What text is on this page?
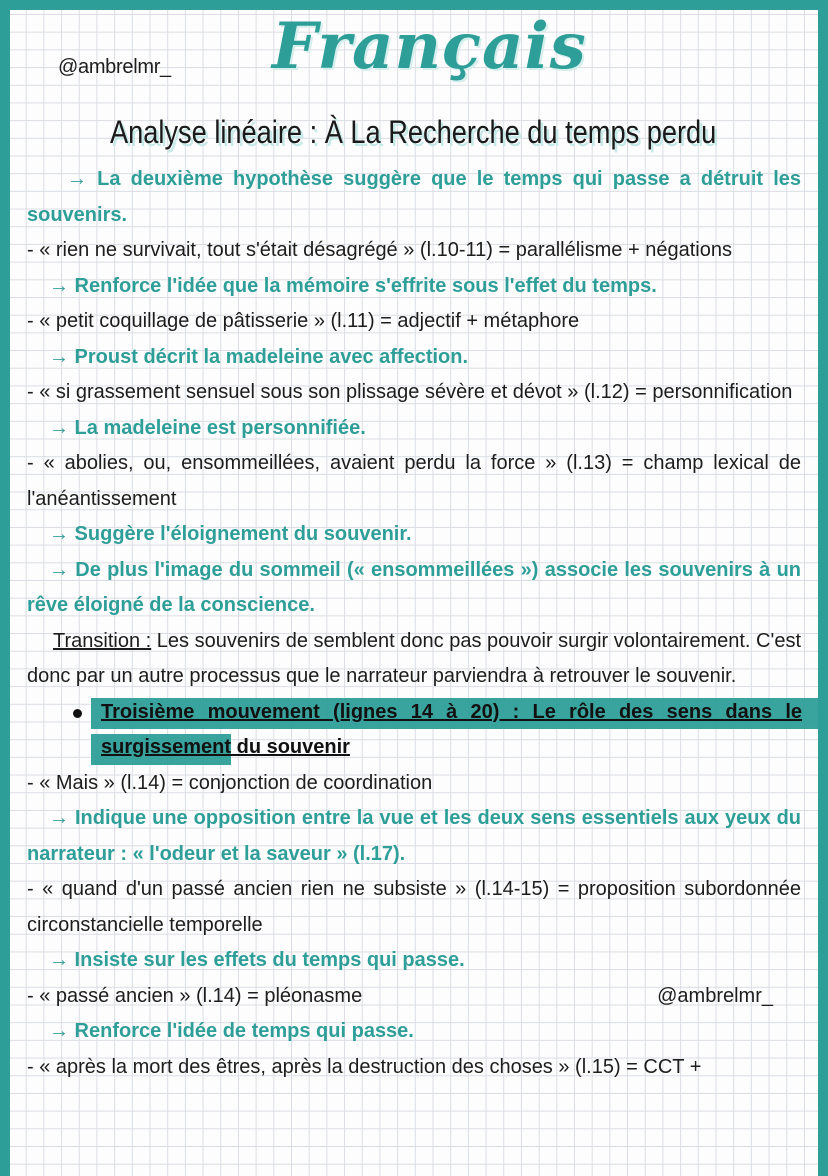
@ambrelmr_ Français
Analyse linéaire : À La Recherche du temps perdu

→ La deuxième hypothèse suggère que le temps qui passe a détruit les souvenirs.

- « rien ne survivait, tout s'était désagrégé » (l.10-11) = parallélisme + négations

→ Renforce l'idée que la mémoire s'effrite sous l'effet du temps.

- « petit coquillage de pâtisserie » (l.11) = adjectif + métaphore

→ Proust décrit la madeleine avec affection.

- « si grassement sensuel sous son plissage sévère et dévot » (l.12) = personnification

→ La madeleine est personnifiée.

- « abolies, ou, ensommeillées, avaient perdu la force » (l.13) = champ lexical de l'anéantissement

→ Suggère l'éloignement du souvenir.

→ De plus l'image du sommeil (« ensommeillées ») associe les souvenirs à un rêve éloigné de la conscience.

Transition : Les souvenirs de semblent donc pas pouvoir surgir volontairement. C'est donc par un autre processus que le narrateur parviendra à retrouver le souvenir.

Troisième mouvement (lignes 14 à 20) : Le rôle des sens dans le surgissement du souvenir

- « Mais » (l.14) = conjonction de coordination

→ Indique une opposition entre la vue et les deux sens essentiels aux yeux du narrateur : « l'odeur et la saveur » (l.17).

- « quand d'un passé ancien rien ne subsiste » (l.14-15) = proposition subordonnée circonstancielle temporelle

→ Insiste sur les effets du temps qui passe.

- « passé ancien » (l.14) = pléonasme	@ambrelmr_

→ Renforce l'idée de temps qui passe.

- « après la mort des êtres, après la destruction des choses » (l.15) = CCT +
